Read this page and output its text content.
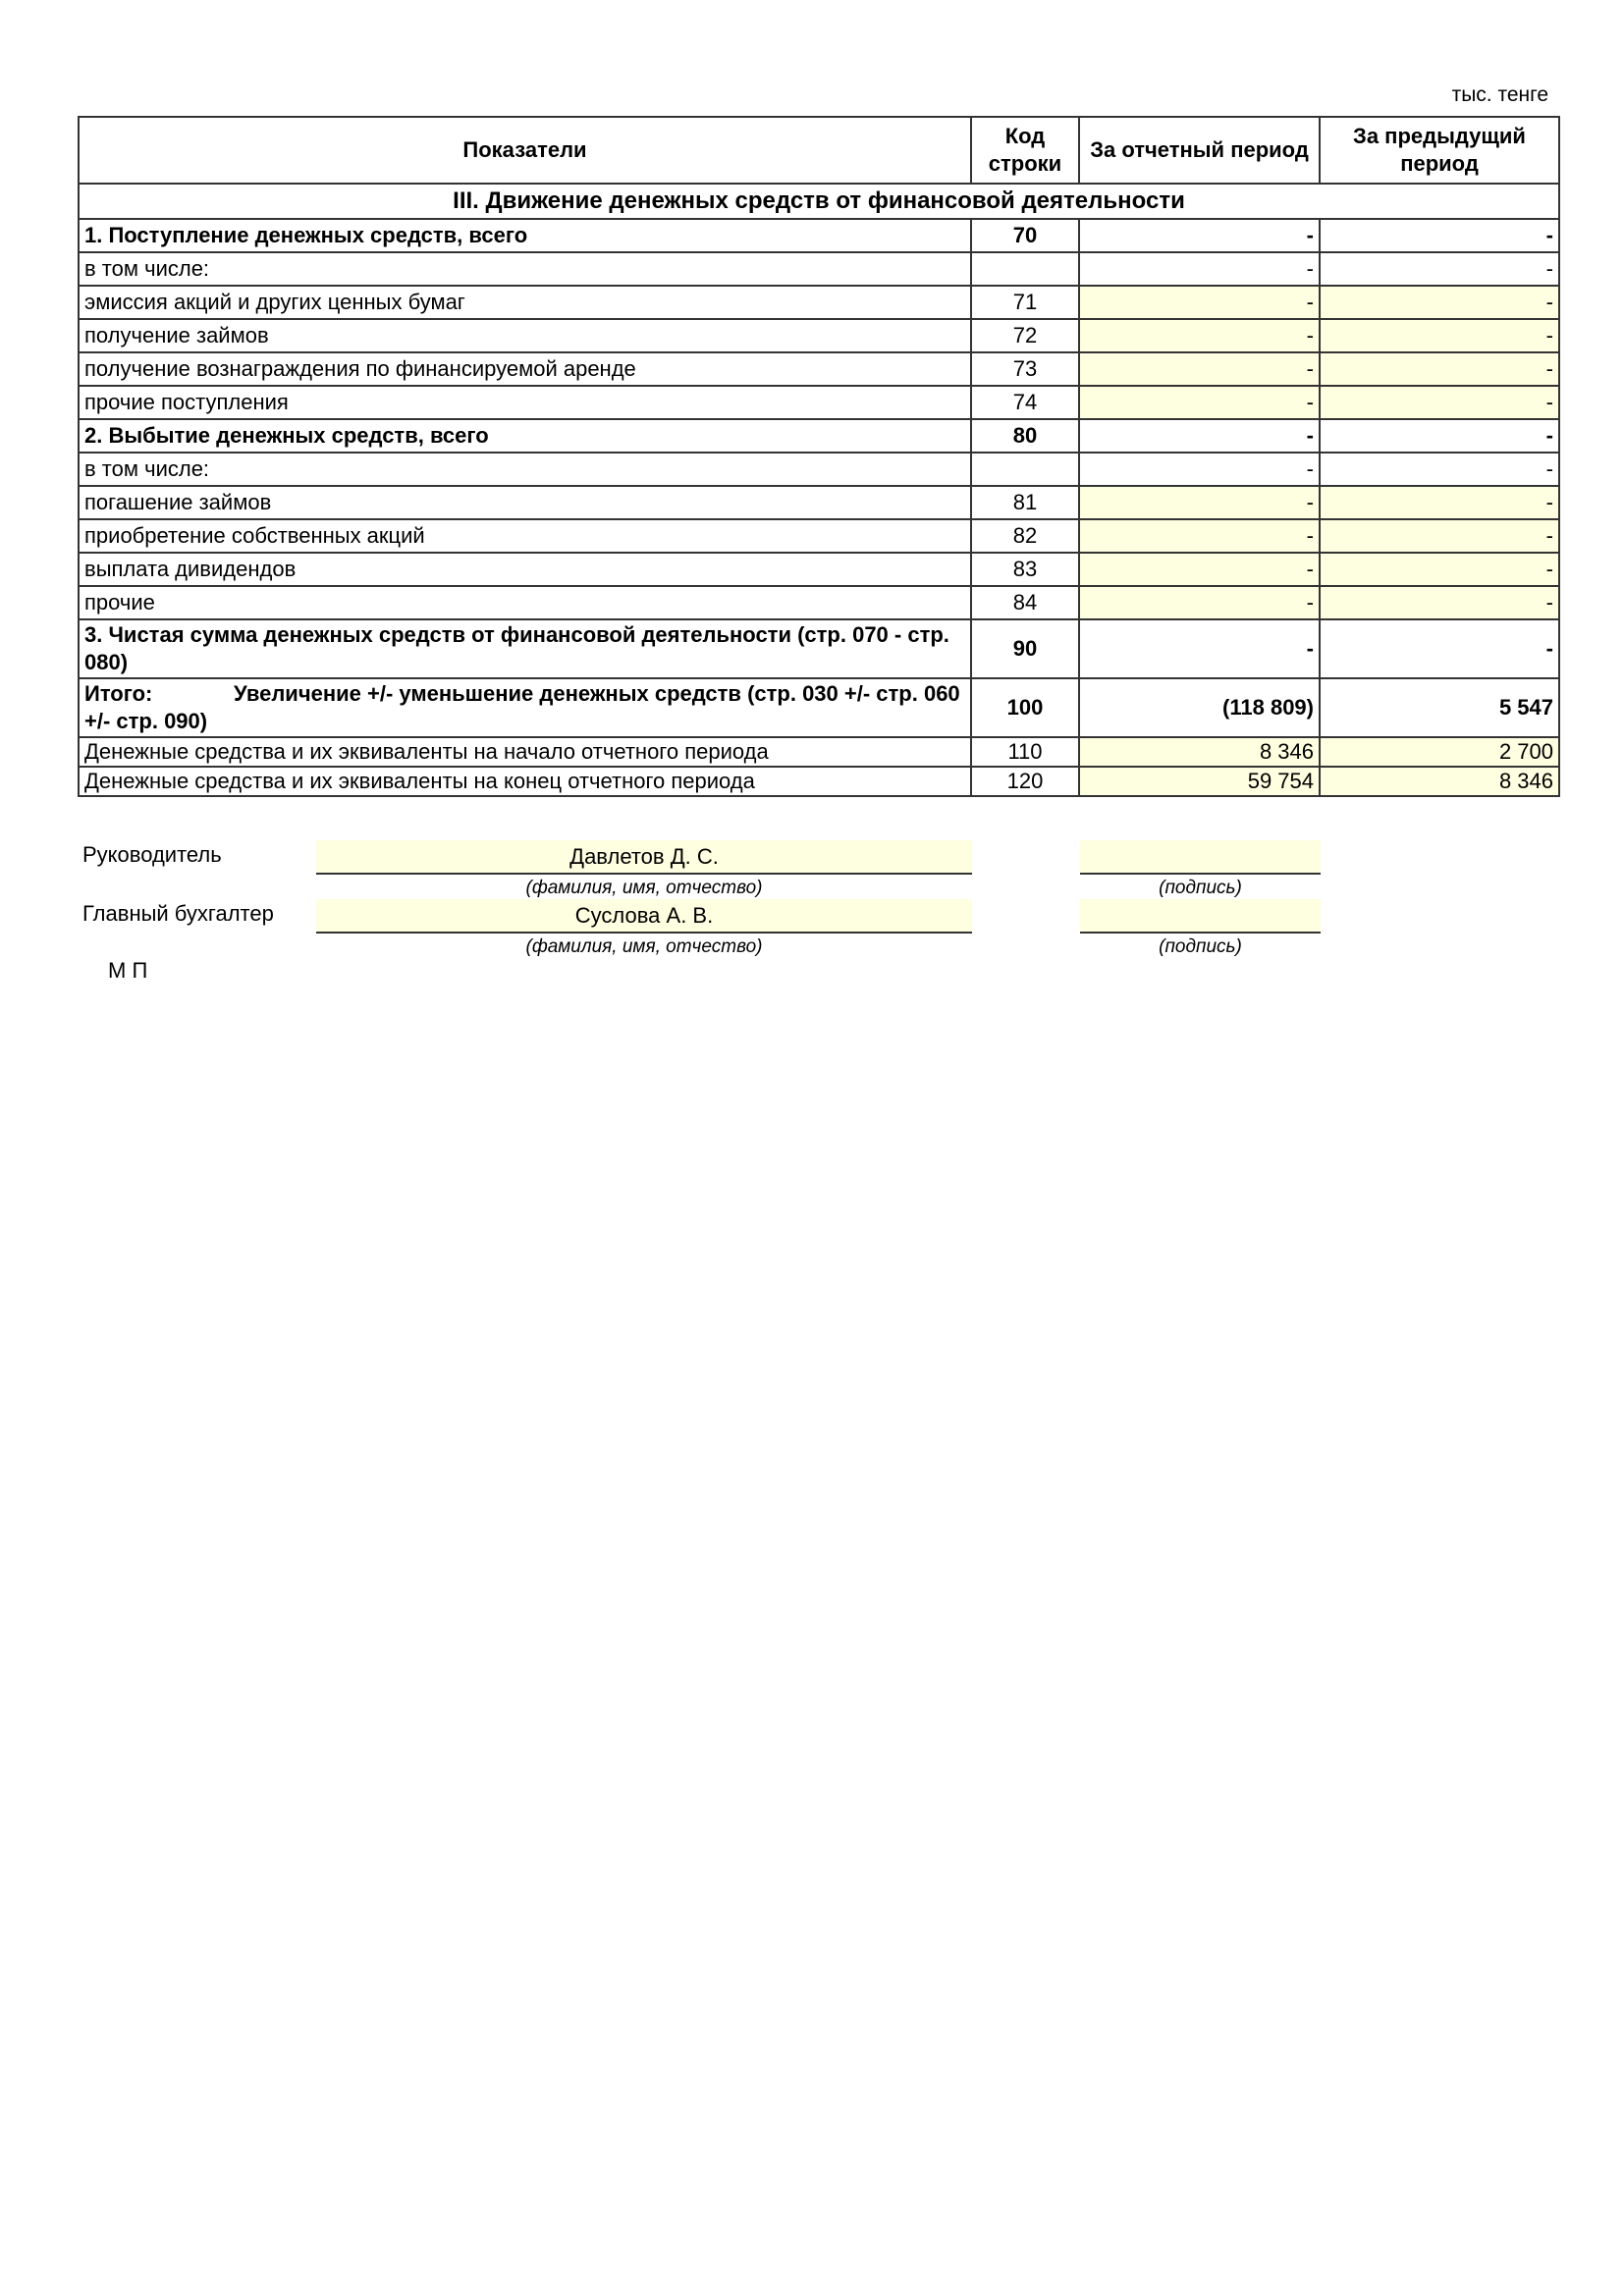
тыс. тенге
Показатели	Код строки	За отчетный период	За предыдущий период
III. Движение денежных средств от финансовой деятельности			
1. Поступление денежных средств, всего	70	-	-
в том числе:		-	-
эмиссия акций и других ценных бумаг	71	-	-
получение займов	72	-	-
получение вознаграждения по финансируемой аренде	73	-	-
прочие поступления	74	-	-
2. Выбытие денежных средств, всего	80	-	-
в том числе:		-	-
погашение займов	81	-	-
приобретение собственных акций	82	-	-
выплата дивидендов	83	-	-
прочие	84	-	-
3. Чистая сумма денежных средств от финансовой деятельности (стр. 070 - стр. 080)	90	-	-
Итого: Увеличение +/- уменьшение денежных средств (стр. 030 +/- стр. 060 +/- стр. 090)	100	(118 809)	5 547
Денежные средства и их эквиваленты на начало отчетного периода	110	8 346	2 700
Денежные средства и их эквиваленты на конец отчетного периода	120	59 754	8 346
Руководитель	Давлетов Д. С.
(фамилия, имя, отчество)	(подпись)
Главный бухгалтер	Суслова А. В.
(фамилия, имя, отчество)	(подпись)
М П
